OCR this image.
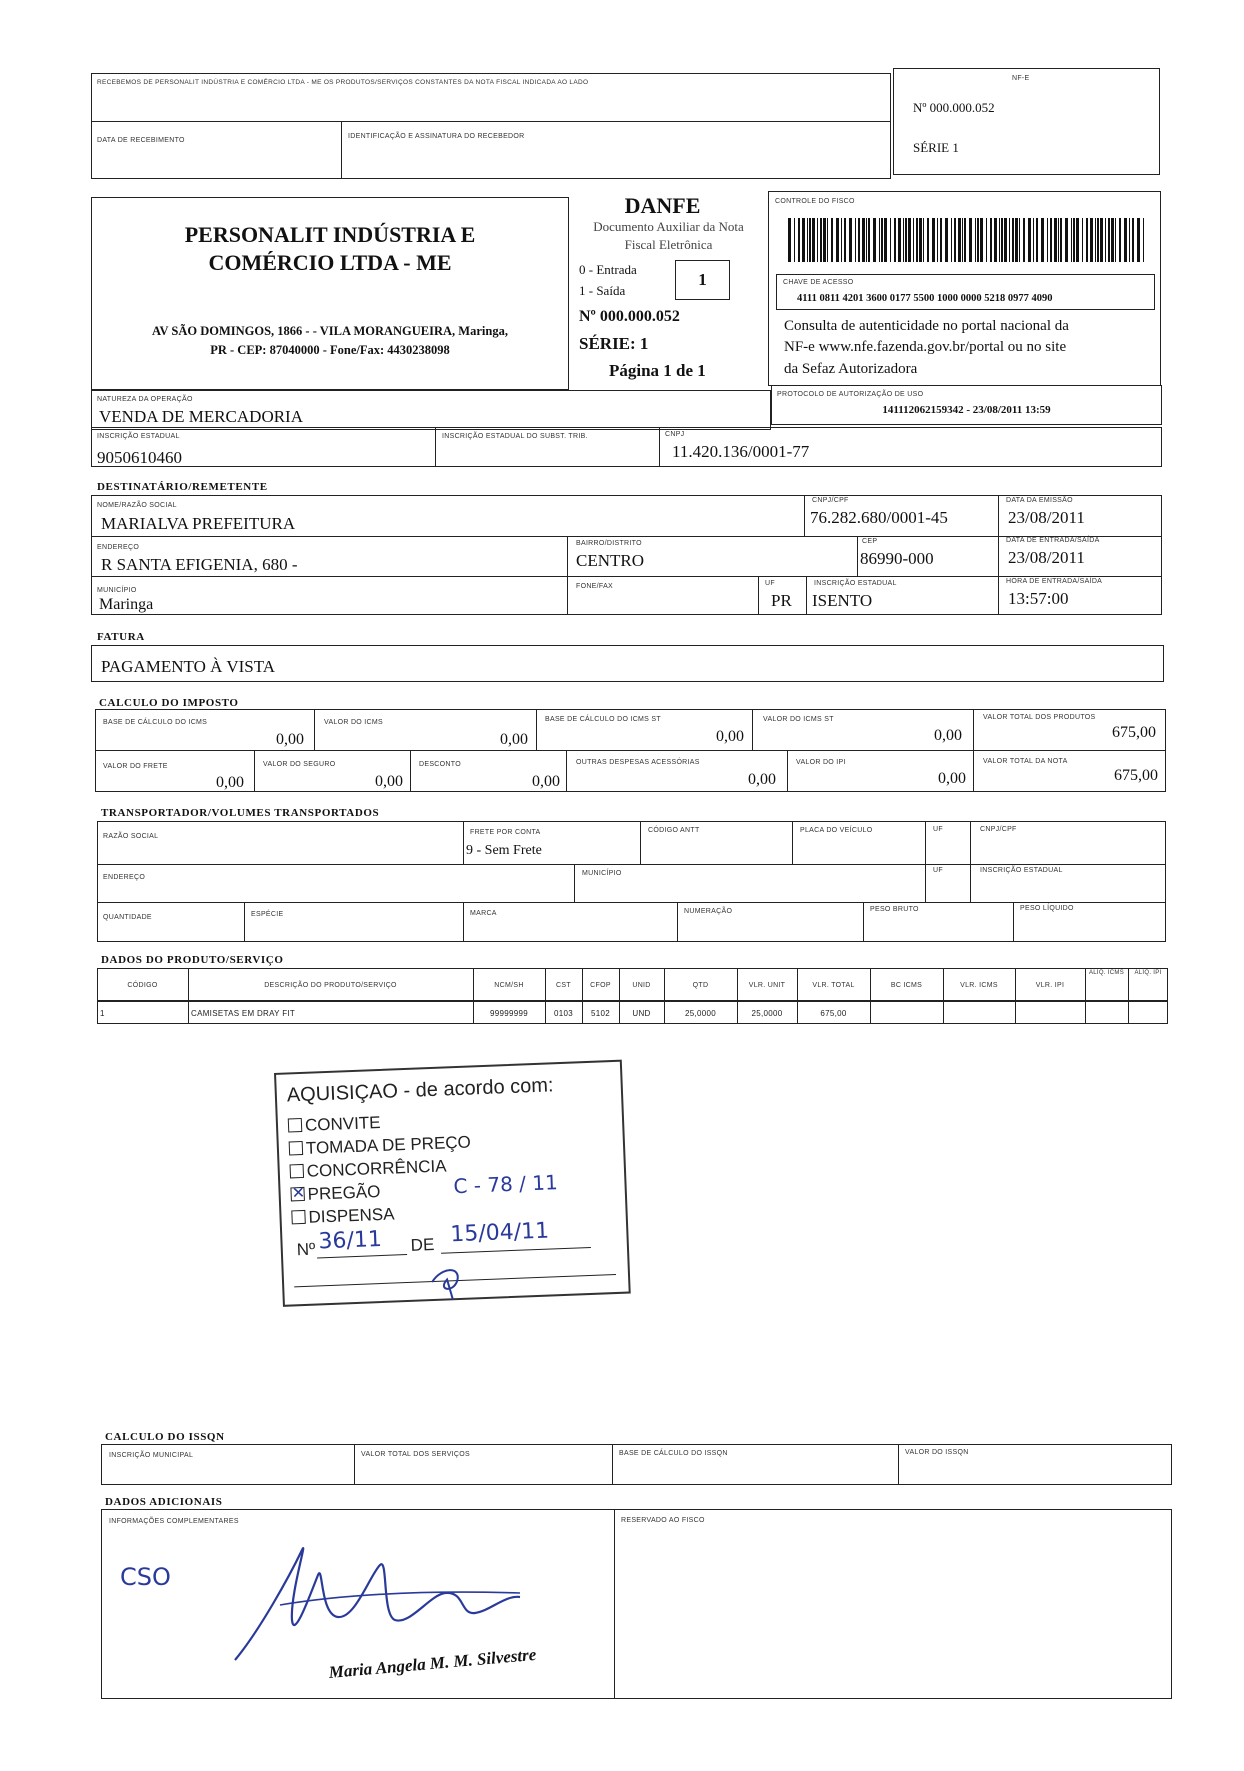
RECEBEMOS DE PERSONALIT INDÚSTRIA E COMÉRCIO LTDA - ME OS PRODUTOS/SERVIÇOS CONSTANTES DA NOTA FISCAL INDICADA AO LADO
DATA DE RECEBIMENTO
IDENTIFICAÇÃO E ASSINATURA DO RECEBEDOR
NF-E
Nº 000.000.052
SÉRIE 1
PERSONALIT INDÚSTRIA E
COMÉRCIO LTDA - ME
AV SÃO DOMINGOS, 1866 - - VILA MORANGUEIRA, Maringa,
PR - CEP: 87040000 - Fone/Fax: 4430238098
DANFE
Documento Auxiliar da Nota
Fiscal Eletrônica
0 - Entrada
1 - Saída
1
Nº 000.000.052
SÉRIE: 1
Página 1 de 1
CONTROLE DO FISCO
CHAVE DE ACESSO
4111 0811 4201 3600 0177 5500 1000 0000 5218 0977 4090
Consulta de autenticidade no portal nacional da
NF-e www.nfe.fazenda.gov.br/portal ou no site
da Sefaz Autorizadora
NATUREZA DA OPERAÇÃO
VENDA DE MERCADORIA
PROTOCOLO DE AUTORIZAÇÃO DE USO
141112062159342 - 23/08/2011 13:59
INSCRIÇÃO ESTADUAL
9050610460
INSCRIÇÃO ESTADUAL DO SUBST. TRIB.	CNPJ
11.420.136/0001-77
DESTINATÁRIO/REMETENTE
NOME/RAZÃO SOCIAL
MARIALVA PREFEITURA
CNPJ/CPF
76.282.680/0001-45
DATA DA EMISSÃO
23/08/2011
ENDEREÇO
R SANTA EFIGENIA, 680 -
BAIRRO/DISTRITO
CENTRO
CEP
86990-000
DATA DE ENTRADA/SAÍDA
23/08/2011
MUNICÍPIO
Maringa
FONE/FAX	UF
PR
INSCRIÇÃO ESTADUAL
ISENTO
HORA DE ENTRADA/SAÍDA
13:57:00
FATURA
PAGAMENTO À VISTA
CALCULO DO IMPOSTO
BASE DE CÁLCULO DO ICMS
0,00
VALOR DO ICMS
0,00
BASE DE CÁLCULO DO ICMS ST
0,00
VALOR DO ICMS ST
0,00
VALOR TOTAL DOS PRODUTOS
675,00
VALOR DO FRETE
0,00
VALOR DO SEGURO
0,00
DESCONTO
0,00
OUTRAS DESPESAS ACESSÓRIAS
0,00
VALOR DO IPI
0,00
VALOR TOTAL DA NOTA
675,00
TRANSPORTADOR/VOLUMES TRANSPORTADOS
RAZÃO SOCIAL
FRETE POR CONTA
9 - Sem Frete
CÓDIGO ANTT	PLACA DO VEÍCULO	UF	CNPJ/CPF
ENDEREÇO
MUNICÍPIO	UF	INSCRIÇÃO ESTADUAL
QUANTIDADE	ESPÉCIE	MARCA	NUMERAÇÃO	PESO BRUTO	PESO LÍQUIDO
DADOS DO PRODUTO/SERVIÇO
CÓDIGO	DESCRIÇÃO DO PRODUTO/SERVIÇO	NCM/SH	CST	CFOP	UNID	QTD	VLR. UNIT	VLR. TOTAL	BC ICMS	VLR. ICMS	VLR. IPI
ALÍQ. ICMS	ALÍQ. IPI
1	CAMISETAS EM DRAY FIT	99999999	0103	5102	UND	25,0000	25,0000	675,00
AQUISIÇAO - de acordo com:
CONVITE
TOMADA DE PREÇO
CONCORRÊNCIA
✕ PREGÃO
DISPENSA
Nº 36/11 DE 15/04/11
C - 78 / 11
CALCULO DO ISSQN
INSCRIÇÃO MUNICIPAL	VALOR TOTAL DOS SERVIÇOS	BASE DE CÁLCULO DO ISSQN	VALOR DO ISSQN
DADOS ADICIONAIS
INFORMAÇÕES COMPLEMENTARES	RESERVADO AO FISCO
CSO
Maria Angela M. M. Silvestre
